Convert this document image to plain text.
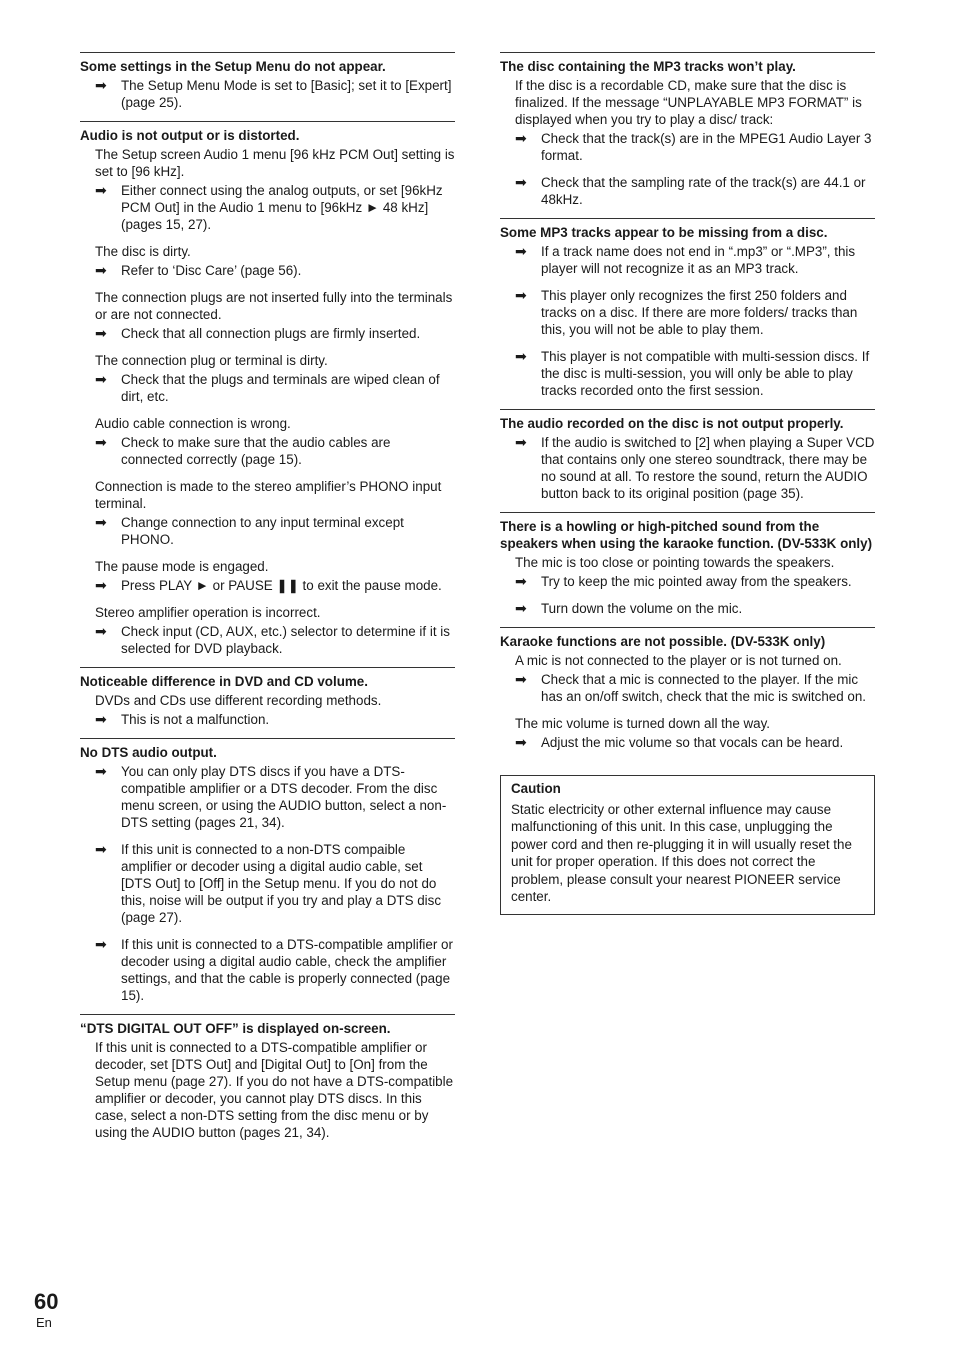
Some settings in the Setup Menu do not appear.
➡ The Setup Menu Mode is set to [Basic]; set it to [Expert] (page 25).
Audio is not output or is distorted.
The Setup screen Audio 1 menu [96 kHz PCM Out] setting is set to [96 kHz].
➡ Either connect using the analog outputs, or set [96kHz PCM Out] in the Audio 1 menu to [96kHz ► 48 kHz] (pages 15, 27).
The disc is dirty.
➡ Refer to ‘Disc Care’ (page 56).
The connection plugs are not inserted fully into the terminals or are not connected.
➡ Check that all connection plugs are firmly inserted.
The connection plug or terminal is dirty.
➡ Check that the plugs and terminals are wiped clean of dirt, etc.
Audio cable connection is wrong.
➡ Check to make sure that the audio cables are connected correctly (page 15).
Connection is made to the stereo amplifier’s PHONO input terminal.
➡ Change connection to any input terminal except PHONO.
The pause mode is engaged.
➡ Press PLAY ► or PAUSE ❚❚ to exit the pause mode.
Stereo amplifier operation is incorrect.
➡ Check input (CD, AUX, etc.) selector to determine if it is selected for DVD playback.
Noticeable difference in DVD and CD volume.
DVDs and CDs use different recording methods.
➡ This is not a malfunction.
No DTS audio output.
➡ You can only play DTS discs if you have a DTS-compatible amplifier or a DTS decoder. From the disc menu screen, or using the AUDIO button, select a non-DTS setting (pages 21, 34).
➡ If this unit is connected to a non-DTS compaible amplifier or decoder using a digital audio cable, set [DTS Out] to [Off] in the Setup menu. If you do not do this, noise will be output if you try and play a DTS disc (page 27).
➡ If this unit is connected to a DTS-compatible amplifier or decoder using a digital audio cable, check the amplifier settings, and that the cable is properly connected (page 15).
“DTS DIGITAL OUT OFF” is displayed on-screen.
If this unit is connected to a DTS-compatible amplifier or decoder, set [DTS Out] and [Digital Out] to [On] from the Setup menu (page 27). If you do not have a DTS-compatible amplifier or decoder, you cannot play DTS discs. In this case, select a non-DTS setting from the disc menu or by using the AUDIO button (pages 21, 34).
The disc containing the MP3 tracks won’t play.
If the disc is a recordable CD, make sure that the disc is finalized. If the message “UNPLAYABLE MP3 FORMAT” is displayed when you try to play a disc/ track:
➡ Check that the track(s) are in the MPEG1 Audio Layer 3 format.
➡ Check that the sampling rate of the track(s) are 44.1 or 48kHz.
Some MP3 tracks appear to be missing from a disc.
➡ If a track name does not end in “.mp3” or “.MP3”, this player will not recognize it as an MP3 track.
➡ This player only recognizes the first 250 folders and tracks on a disc. If there are more folders/ tracks than this, you will not be able to play them.
➡ This player is not compatible with multi-session discs. If the disc is multi-session, you will only be able to play tracks recorded onto the first session.
The audio recorded on the disc is not output properly.
➡ If the audio is switched to [2] when playing a Super VCD that contains only one stereo soundtrack, there may be no sound at all. To restore the sound, return the AUDIO button back to its original position (page 35).
There is a howling or high-pitched sound from the speakers when using the karaoke function. (DV-533K only)
The mic is too close or pointing towards the speakers.
➡ Try to keep the mic pointed away from the speakers.
➡ Turn down the volume on the mic.
Karaoke functions are not possible. (DV-533K only)
A mic is not connected to the player or is not turned on.
➡ Check that a mic is connected to the player. If the mic has an on/off switch, check that the mic is switched on.
The mic volume is turned down all the way.
➡ Adjust the mic volume so that vocals can be heard.
Caution
Static electricity or other external influence may cause malfunctioning of this unit. In this case, unplugging the power cord and then re-plugging it in will usually reset the unit for proper operation. If this does not correct the problem, please consult your nearest PIONEER service center.
60
En
